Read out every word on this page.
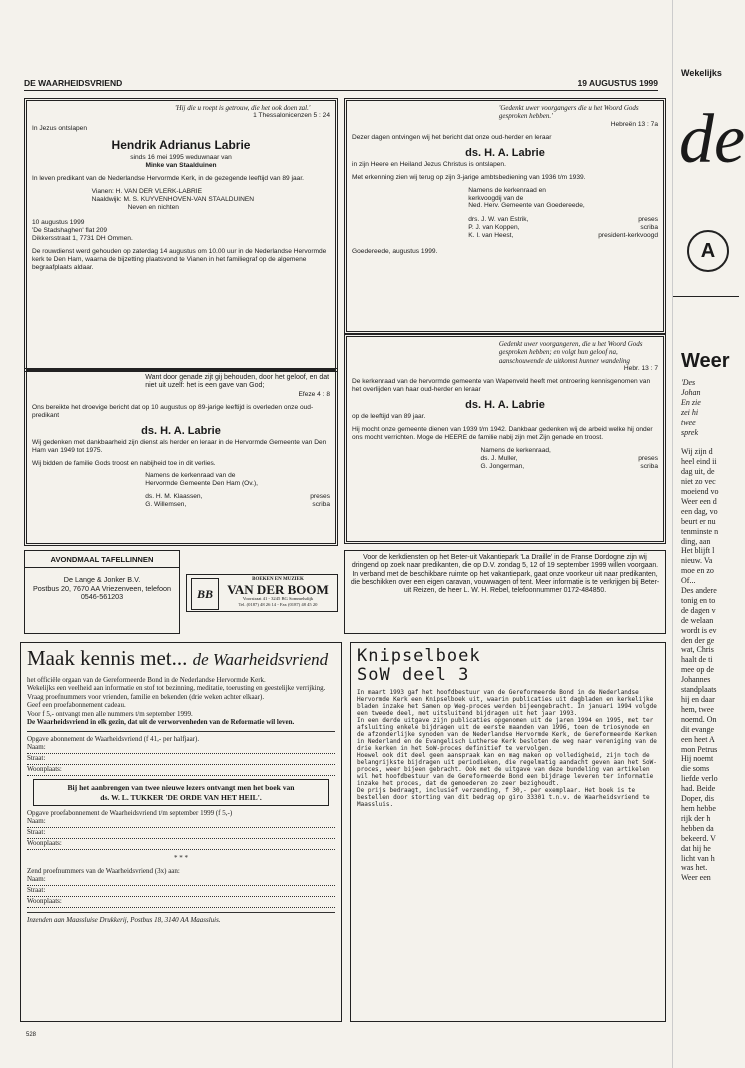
DE WAARHEIDSVRIEND	19 AUGUSTUS 1999
'Hij die u roept is getrouw, die het ook doen zal.'
1 Thessalonicenzen 5 : 24
In Jezus ontslapen
Hendrik Adrianus Labrie
sinds 16 mei 1995 weduwnaar van
Minke van Staalduinen
In leven predikant van de Nederlandse Hervormde Kerk, in de gezegende leeftijd van 89 jaar.
Vianen: H. VAN DER VLERK-LABRIE
Naaldwijk: M. S. KUYVENHOVEN-VAN STAALDUINEN
Neven en nichten
10 augustus 1999
'De Stadshaghen' flat 209
Dikkersstraat 1, 7731 DH Ommen.
De rouwdienst werd gehouden op zaterdag 14 augustus om 10.00 uur in de Nederlandse Hervormde kerk te Den Ham, waarna de bijzetting plaatsvond te Vianen in het familiegraf op de algemene begraafplaats aldaar.
'Gedenkt uwer voorgangers die u het Woord Gods gesproken hebben.'
Hebreën 13 : 7a
Dezer dagen ontvingen wij het bericht dat onze oud-herder en leraar
ds. H. A. Labrie
in zijn Heere en Heiland Jezus Christus is ontslapen.
Met erkenning zien wij terug op zijn 3-jarige ambtsbediening van 1936 t/m 1939.
Namens de kerkenraad en
kerkvoogdij van de
Ned. Herv. Gemeente van Goedereede,
drs. J. W. van Estrik,	preses
P. J. van Koppen,	scriba
K. I. van Heest,	president-kerkvoogd
Goedereede, augustus 1999.
Want door genade zijt gij behouden, door het geloof, en dat niet uit uzelf: het is een gave van God;
Efeze 4 : 8
Ons bereikte het droevige bericht dat op 10 augustus op 89-jarige leeftijd is overleden onze oud-predikant
ds. H. A. Labrie
Wij gedenken met dankbaarheid zijn dienst als herder en leraar in de Hervormde Gemeente van Den Ham van 1949 tot 1975.
Wij bidden de familie Gods troost en nabijheid toe in dit verlies.
Namens de kerkenraad van de
Hervormde Gemeente Den Ham (Ov.),
ds. H. M. Klaassen,	preses
G. Willemsen,	scriba
Gedenkt uwer voorgangeren, die u het Woord Gods gesproken hebben; en volgt hun geloof na, aanschouwende de uitkomst hunner wandeling
Hebr. 13 : 7
De kerkenraad van de hervormde gemeente van Wapenveld heeft met ontroering kennisgenomen van het overlijden van haar oud-herder en leraar
ds. H. A. Labrie
op de leeftijd van 89 jaar.
Hij mocht onze gemeente dienen van 1939 t/m 1942. Dankbaar gedenken wij de arbeid welke hij onder ons mocht verrichten. Moge de HEERE de familie nabij zijn met Zijn genade en troost.
Namens de kerkenraad,
ds. J. Muller,	preses
G. Jongerman,	scriba
Voor de kerkdiensten op het Beter-uit Vakantiepark 'La Draille' in de Franse Dordogne zijn wij dringend op zoek naar predikanten, die op D.V. zondag 5, 12 of 19 september 1999 willen voorgaan. In verband met de beschikbare ruimte op het vakantiepark, gaat onze voorkeur uit naar predikanten, die beschikken over een eigen caravan, vouwwagen of tent. Meer informatie is te verkrijgen bij Beter-uit Reizen, de heer L. W. H. Rebel, telefoonnummer 0172-484850.
AVONDMAAL TAFELLINNEN
De Lange & Jonker B.V.
Postbus 20, 7670 AA Vriezenveen, telefoon 0546-561203	BB
BOEKEN EN MUZIEK
VAN DER BOOM
Voorstraat 41 - 3245 BG Sommelsdijk
Tel. (0187) 48 26 14 - Fax (0187) 48 45 20
Maak kennis met... de Waarheidsvriend
het officiële orgaan van de Gereformeerde Bond in de Nederlandse Hervormde Kerk.
Wekelijks een veelheid aan informatie en stof tot bezinning, meditatie, toerusting en geestelijke verrijking.
Vraag proefnummers voor vrienden, familie en bekenden (drie weken achter elkaar).
Geef een proefabonnement cadeau.
Voor f 5,- ontvangt men alle nummers t/m september 1999.
De Waarheidsvriend in elk gezin, dat uit de verworvenheden van de Reformatie wil leven.
Opgave abonnement de Waarheidsvriend (f 41,- per halfjaar).
Naam:
Straat:
Woonplaats:
Bij het aanbrengen van twee nieuwe lezers ontvangt men het boek van
ds. W. L. TUKKER 'DE ORDE VAN HET HEIL'.
Opgave proefabonnement de Waarheidsvriend t/m september 1999 (f 5,-)
Naam:
Straat:
Woonplaats:
* * *
Zend proefnummers van de Waarheidsvriend (3x) aan:
Naam:
Straat:
Woonplaats:
Inzenden aan Maassluise Drukkerij, Postbus 18, 3140 AA Maassluis.
Knipselboek
SoW deel 3
In maart 1993 gaf het hoofdbestuur van de Gereformeerde Bond in de Nederlandse Hervormde Kerk een Knipselboek uit, waarin publicaties uit dagbladen en kerkelijke bladen inzake het Samen op Weg-proces werden bijeengebracht. In januari 1994 volgde een tweede deel, met uitsluitend bijdragen uit het jaar 1993.
In een derde uitgave zijn publicaties opgenomen uit de jaren 1994 en 1995, met ter afsluiting enkele bijdragen uit de eerste maanden van 1996, toen de triosynode en de afzonderlijke synoden van de Nederlandse Hervormde Kerk, de Gereformeerde Kerken in Nederland en de Evangelisch Lutherse Kerk besloten de weg naar vereniging van de drie kerken in het SoW-proces definitief te vervolgen.
Hoewel ook dit deel geen aanspraak kan en mag maken op volledigheid, zijn toch de belangrijkste bijdragen uit periodieken, die regelmatig aandacht geven aan het SoW-proces, weer bijeen gebracht. Ook met de uitgave van deze bundeling van artikelen wil het hoofdbestuur van de Gereformeerde Bond een bijdrage leveren ter informatie inzake het proces, dat de gemoederen zo zeer bezighoudt.
De prijs bedraagt, inclusief verzending, f 30,- per exemplaar. Het boek is te bestellen door storting van dit bedrag op giro 33301 t.n.v. de Waarheidsvriend te Maassluis.
528
Wekelijks
de
A
Weer
'Des
Johan
En zie
zei hi
twee
sprek

Wij zijn d
heel eind ii
dag uit, de
niet zo vec
moeiend vo
Weer een d
een dag, vo
beurt er nu
tenminste n
ding, aan
Het blijft l
nieuw. Va
moe en zo
Of...
Des andere
tonig en to
de dagen v
de welaan
wordt is ev
den der ge
wat, Chris
haalt de ti
mee op de
Johannes
standplaats
hij en daar
hem, twee
noemd. On
dit evange
een heet A
mon Petrus
Hij noemt
die soms
liefde verlo
had. Beide
Doper, dis
hem hebbe
rijk der h
hebben da
bekeerd. V
dat hij he
licht van h
was het.
Weer een
